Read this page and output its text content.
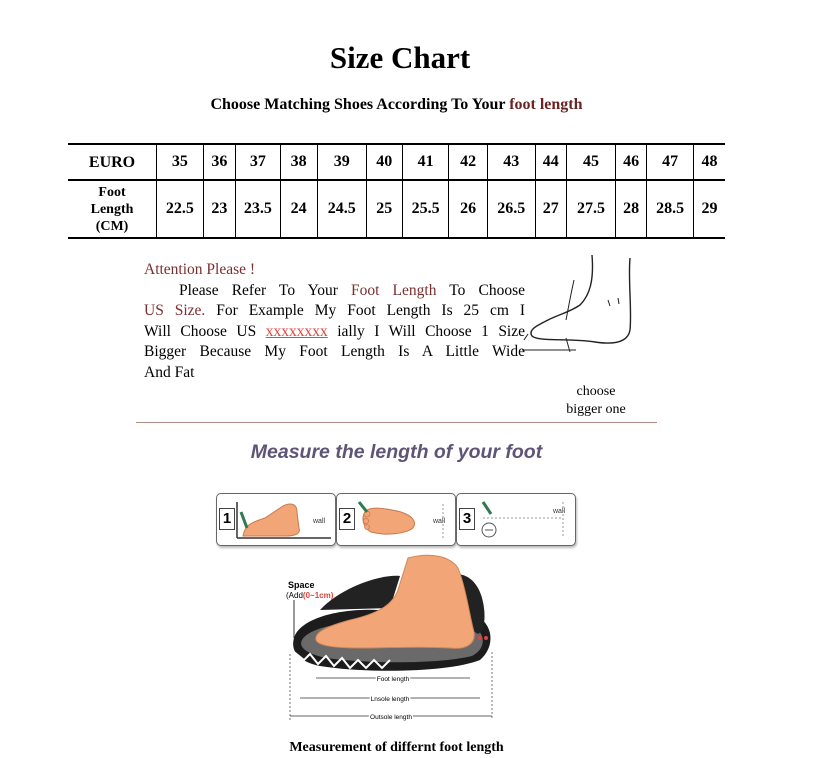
Size Chart
Choose Matching Shoes According To Your foot length
EURO	35	36	37	38	39	40	41	42	43	44	45	46	47	48
Foot
Length
(CM)	22.5	23	23.5	24	24.5	25	25.5	26	26.5	27	27.5	28	28.5	29
Attention Please !
Please Refer To Your Foot Length To Choose
US Size. For Example My Foot Length Is 25 cm I
Will Choose US xxxxxxxx ially I Will Choose 1 Size
Bigger Because My Foot Length Is A Little Wide
And Fat
choose
bigger one
Measure the length of your foot
1	wall 2	wall 3	wall
Space
(Add(0~1cm)
Foot length
Lnsole length
Outsole length
Measurement of differnt foot length
